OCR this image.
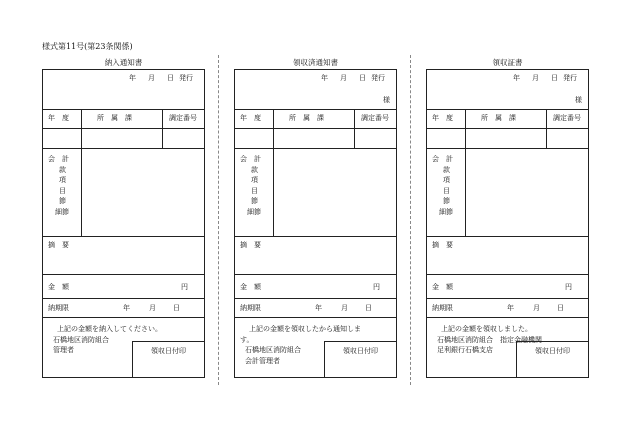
様式第11号(第23条関係)
納入通知書
年 月 日 発行
年　度	所　属　課	調定番号
会　計
款
項
目
節
細節
摘　要
金　額	円
納期限	年	月 日
上記の金額を納入してください。
石橋地区消防組合
管理者	領収日付印
領収済通知書
年 月 日 発行
様
年　度	所　属　課	調定番号
会　計
款
項
目
節
細節
摘　要
金　額	円
納期限	年	月 日
上記の金額を領収したから通知しま
す。
石橋地区消防組合
会計管理者
領収日付印
領収証書
年 月 日 発行
様
年　度	所　属　課	調定番号
会　計
款
項
目
節
細節
摘　要
金　額	円
納期限	年	月 日
上記の金額を領収しました。
石橋地区消防組合　指定金融機関
足利銀行石橋支店	領収日付印
